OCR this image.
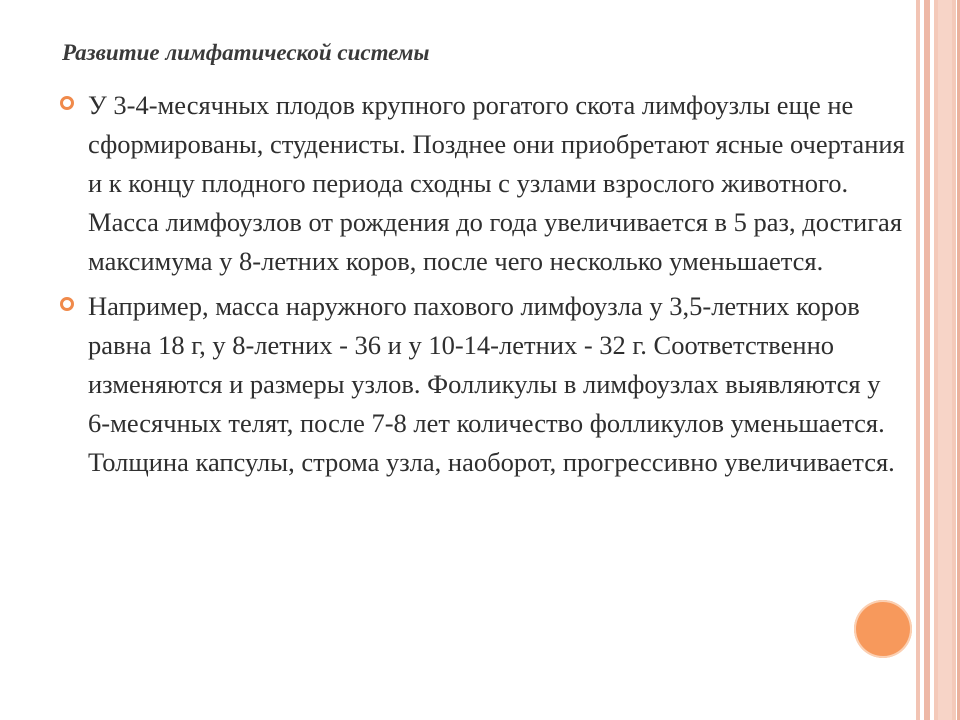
Развитие лимфатической системы
У 3-4-месячных плодов крупного рогатого скота лимфоузлы еще не сформированы, студенисты. Позднее они приобретают ясные очертания и к концу плодного периода сходны с узлами взрослого животного. Масса лимфоузлов от рождения до года увеличивается в 5 раз, достигая максимума у 8-летних коров, после чего несколько уменьшается.
Например, масса наружного пахового лимфоузла у 3,5-летних коров равна 18 г, у 8-летних - 36 и у 10-14-летних - 32 г. Соответственно изменяются и размеры узлов. Фолликулы в лимфоузлах выявляются у 6-месячных телят, после 7-8 лет количество фолликулов уменьшается. Толщина капсулы, строма узла, наоборот, прогрессивно увеличивается.
